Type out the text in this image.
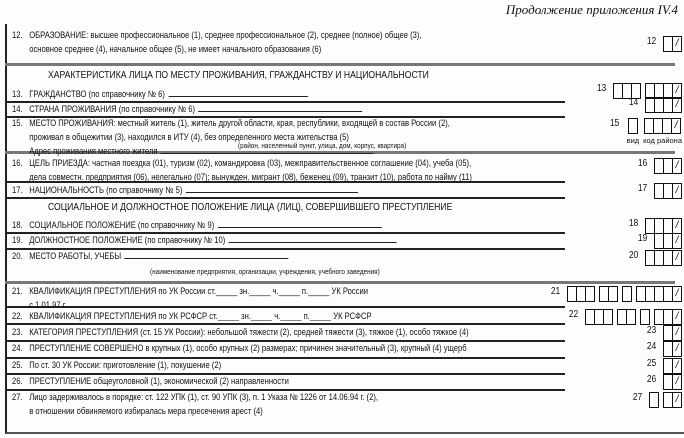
Продолжение приложения IV.4
ХАРАКТЕРИСТИКА ЛИЦА ПО МЕСТУ ПРОЖИВАНИЯ, ГРАЖДАНСТВУ И НАЦИОНАЛЬНОСТИ
СОЦИАЛЬНОЕ И ДОЛЖНОСТНОЕ ПОЛОЖЕНИЕ ЛИЦА (ЛИЦ), СОВЕРШИВШЕГО ПРЕСТУПЛЕНИЕ
(район, населенный пункт, улица, дом, корпус, квартира)
(наименование предприятия, организации, учреждения, учебного заведения)
12. ОБРАЗОВАНИЕ: высшее профессиональное (1), среднее профессиональное (2), среднее (полное) общее (3),
основное среднее (4), начальное общее (5), не имеет начального образования (6)
12 /
13. ГРАЖДАНСТВО (по справочнику № 6)	13	/
14. СТРАНА ПРОЖИВАНИЯ (по справочнику № 6)
14	/
15. МЕСТО ПРОЖИВАНИЯ: местный житель (1), житель другой области, края, республики, входящей в состав России (2),
проживал в общежитии (3), находился в ИТУ (4), без определенного места жительства (5)
Адрес проживания местного жителя
15
вид
/
код района
16. ЦЕЛЬ ПРИЕЗДА: частная поездка (01), туризм (02), командировка (03), межправительственное соглашение (04), учеба (05),
дела совместн. предприятия (06), нелегально (07); вынужден. мигрант (08), беженец (09), транзит (10), работа по найму (11)
16	/
17. НАЦИОНАЛЬНОСТЬ (по справочнику № 5)	17	/
18. СОЦИАЛЬНОЕ ПОЛОЖЕНИЕ (по справочнику № 9)	18	/
19. ДОЛЖНОСТНОЕ ПОЛОЖЕНИЕ (по справочнику № 10)	19	/
20. МЕСТО РАБОТЫ, УЧЕБЫ	20	/
21. КВАЛИФИКАЦИЯ ПРЕСТУПЛЕНИЯ по УК России ст._____ зн._____ ч._____ п._____ УК России
с 1.01.97 г.
21	/
22. КВАЛИФИКАЦИЯ ПРЕСТУПЛЕНИЯ по УК РСФСР ст._____ зн._____ ч._____ п._____ УК РСФСР	22	/
23. КАТЕГОРИЯ ПРЕСТУПЛЕНИЯ (ст. 15 УК России): небольшой тяжести (2), средней тяжести (3), тяжкое (1), особо тяжкое (4)	23 /
24. ПРЕСТУПЛЕНИЕ СОВЕРШЕНО в крупных (1), особо крупных (2) размерах; причинен значительный (3), крупный (4) ущерб	24 /
25. По ст. 30 УК России: приготовление (1), покушение (2)	25 /
26. ПРЕСТУПЛЕНИЕ общеуголовной (1), экономической (2) направленности	26 /
27. Лицо задерживалось в порядке: ст. 122 УПК (1), ст. 90 УПК (3), п. 1 Указа № 1226 от 14.06.94 г. (2),
в отношении обвиняемого избиралась мера пресечения арест (4)
27	/
